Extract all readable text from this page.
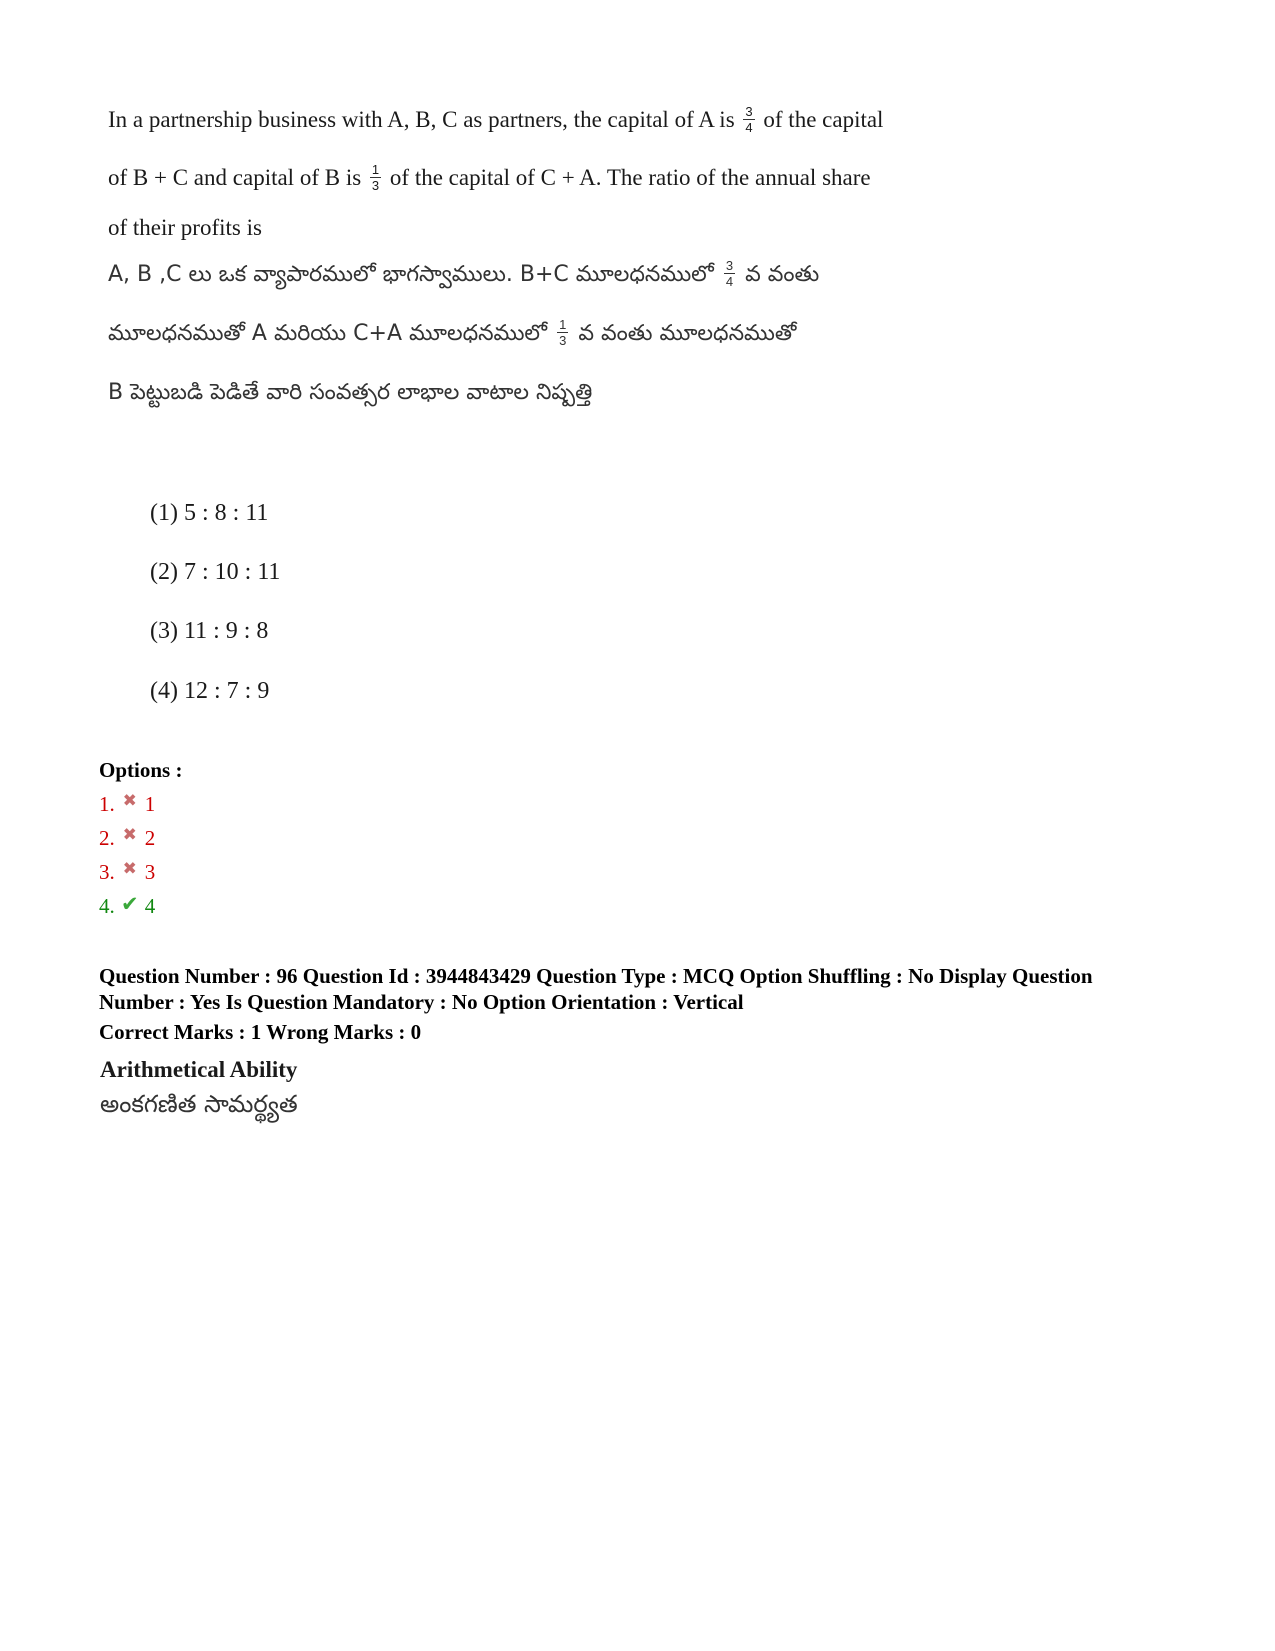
In a partnership business with A, B, C as partners, the capital of A is $\frac{3}{4}$ of the capital
of B + C and capital of B is $\frac{1}{3}$ of the capital of C + A. The ratio of the annual share
of their profits is
A, B ,C లు ఒక వ్యాపారములో భాగస్వాములు. B+C మూలధనములో $\frac{3}{4}$ వ వంతు
మూలధనముతో A మరియు C+A మూలధనములో $\frac{1}{3}$ వ వంతు మూలధనముతో
B పెట్టుబడి పెడితే వారి సంవత్సర లాభాల వాటాల నిష్పత్తి
(1) 5 : 8 : 11
(2) 7 : 10 : 11
(3) 11 : 9 : 8
(4) 12 : 7 : 9
Options :
1. ✖ 1
2. ✖ 2
3. ✖ 3
4. ✔ 4
Question Number : 96 Question Id : 3944843429 Question Type : MCQ Option Shuffling : No Display Question
Number : Yes Is Question Mandatory : No Option Orientation : Vertical
Correct Marks : 1 Wrong Marks : 0
Arithmetical Ability
అంకగణిత సామర్థ్యత
